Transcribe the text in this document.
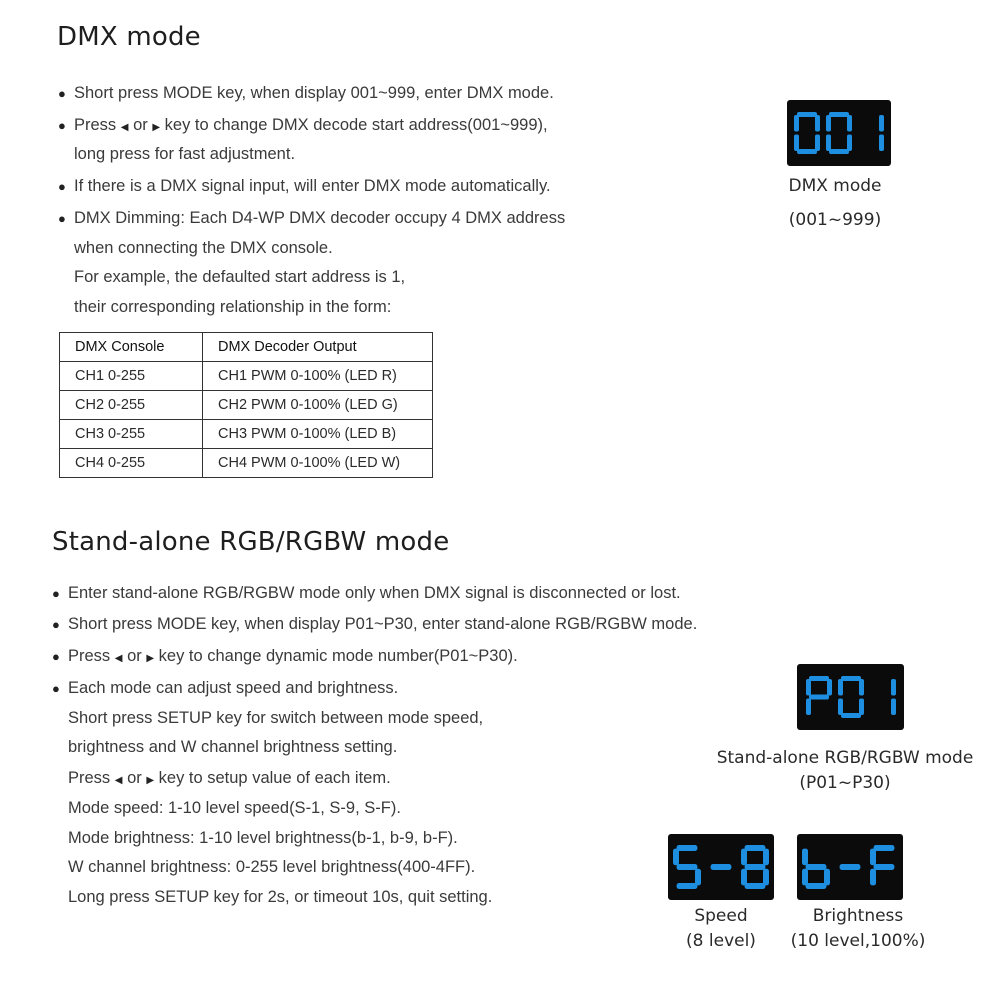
DMX mode
● Short press MODE key, when display 001~999, enter DMX mode.
● Press ◀ or ▶ key to change DMX decode start address(001~999),
long press for fast adjustment.
● If there is a DMX signal input, will enter DMX mode automatically.
● DMX Dimming: Each D4-WP DMX decoder occupy 4 DMX address
when connecting the DMX console.
For example, the defaulted start address is 1,
their corresponding relationship in the form:
DMX Console	DMX Decoder Output
CH1 0-255	CH1 PWM 0-100% (LED R)
CH2 0-255	CH2 PWM 0-100% (LED G)
CH3 0-255	CH3 PWM 0-100% (LED B)
CH4 0-255	CH4 PWM 0-100% (LED W)
DMX mode
(001~999)
Stand-alone RGB/RGBW mode
● Enter stand-alone RGB/RGBW mode only when DMX signal is disconnected or lost.
● Short press MODE key, when display P01~P30, enter stand-alone RGB/RGBW mode.
● Press ◀ or ▶ key to change dynamic mode number(P01~P30).
● Each mode can adjust speed and brightness.
Short press SETUP key for switch between mode speed,
brightness and W channel brightness setting.
Press ◀ or ▶ key to setup value of each item.
Mode speed: 1-10 level speed(S-1, S-9, S-F).
Mode brightness: 1-10 level brightness(b-1, b-9, b-F).
W channel brightness: 0-255 level brightness(400-4FF).
Long press SETUP key for 2s, or timeout 10s, quit setting.
Stand-alone RGB/RGBW mode
(P01~P30)
Speed
(8 level)
Brightness
(10 level,100%)
